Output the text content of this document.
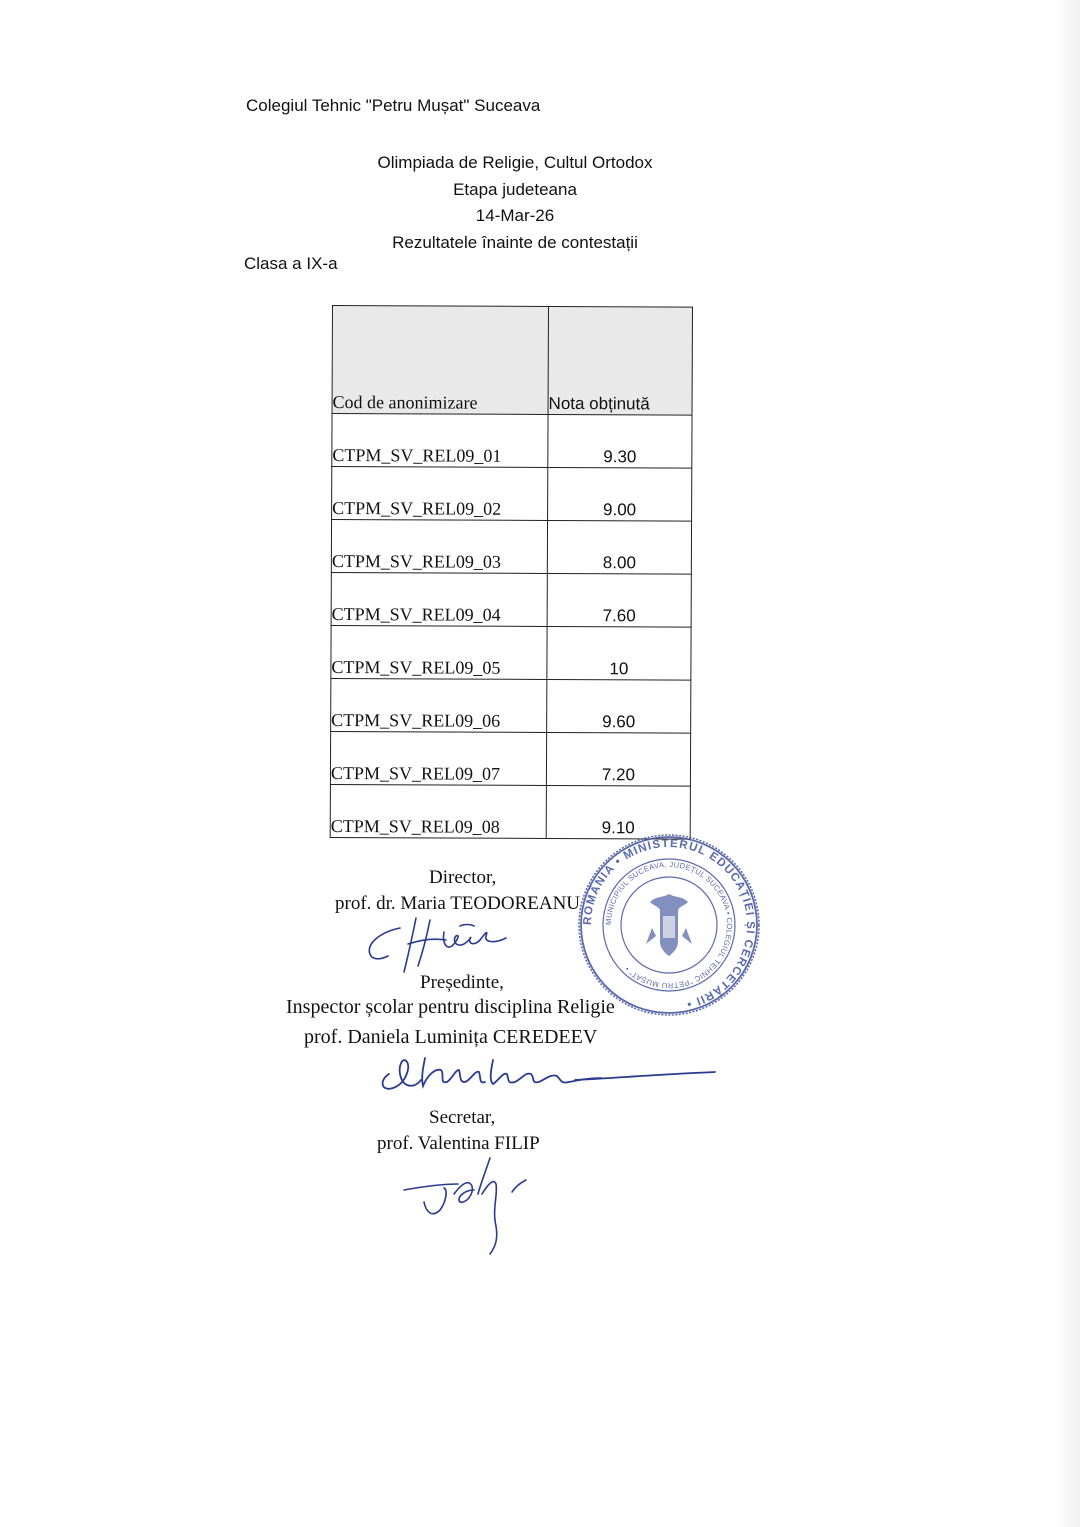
Colegiul Tehnic "Petru Mușat" Suceava
Olimpiada de Religie, Cultul Ortodox
Etapa judeteana
14-Mar-26
Rezultatele înainte de contestații
Clasa a IX-a
Cod de anonimizare	Nota obținută
CTPM_SV_REL09_01	9.30
CTPM_SV_REL09_02	9.00
CTPM_SV_REL09_03	8.00
CTPM_SV_REL09_04	7.60
CTPM_SV_REL09_05	10
CTPM_SV_REL09_06	9.60
CTPM_SV_REL09_07	7.20
CTPM_SV_REL09_08	9.10
Director,
prof. dr. Maria TEODOREANU
Președinte,
Inspector școlar pentru disciplina Religie
prof. Daniela Luminița CEREDEEV
Secretar,
prof. Valentina FILIP
ROMÂNIA • MINISTERUL EDUCAȚIEI ȘI CERCETĂRII •
MUNICIPIUL SUCEAVA, JUDEȚUL SUCEAVA • COLEGIUL TEHNIC "PETRU MUȘAT" •
